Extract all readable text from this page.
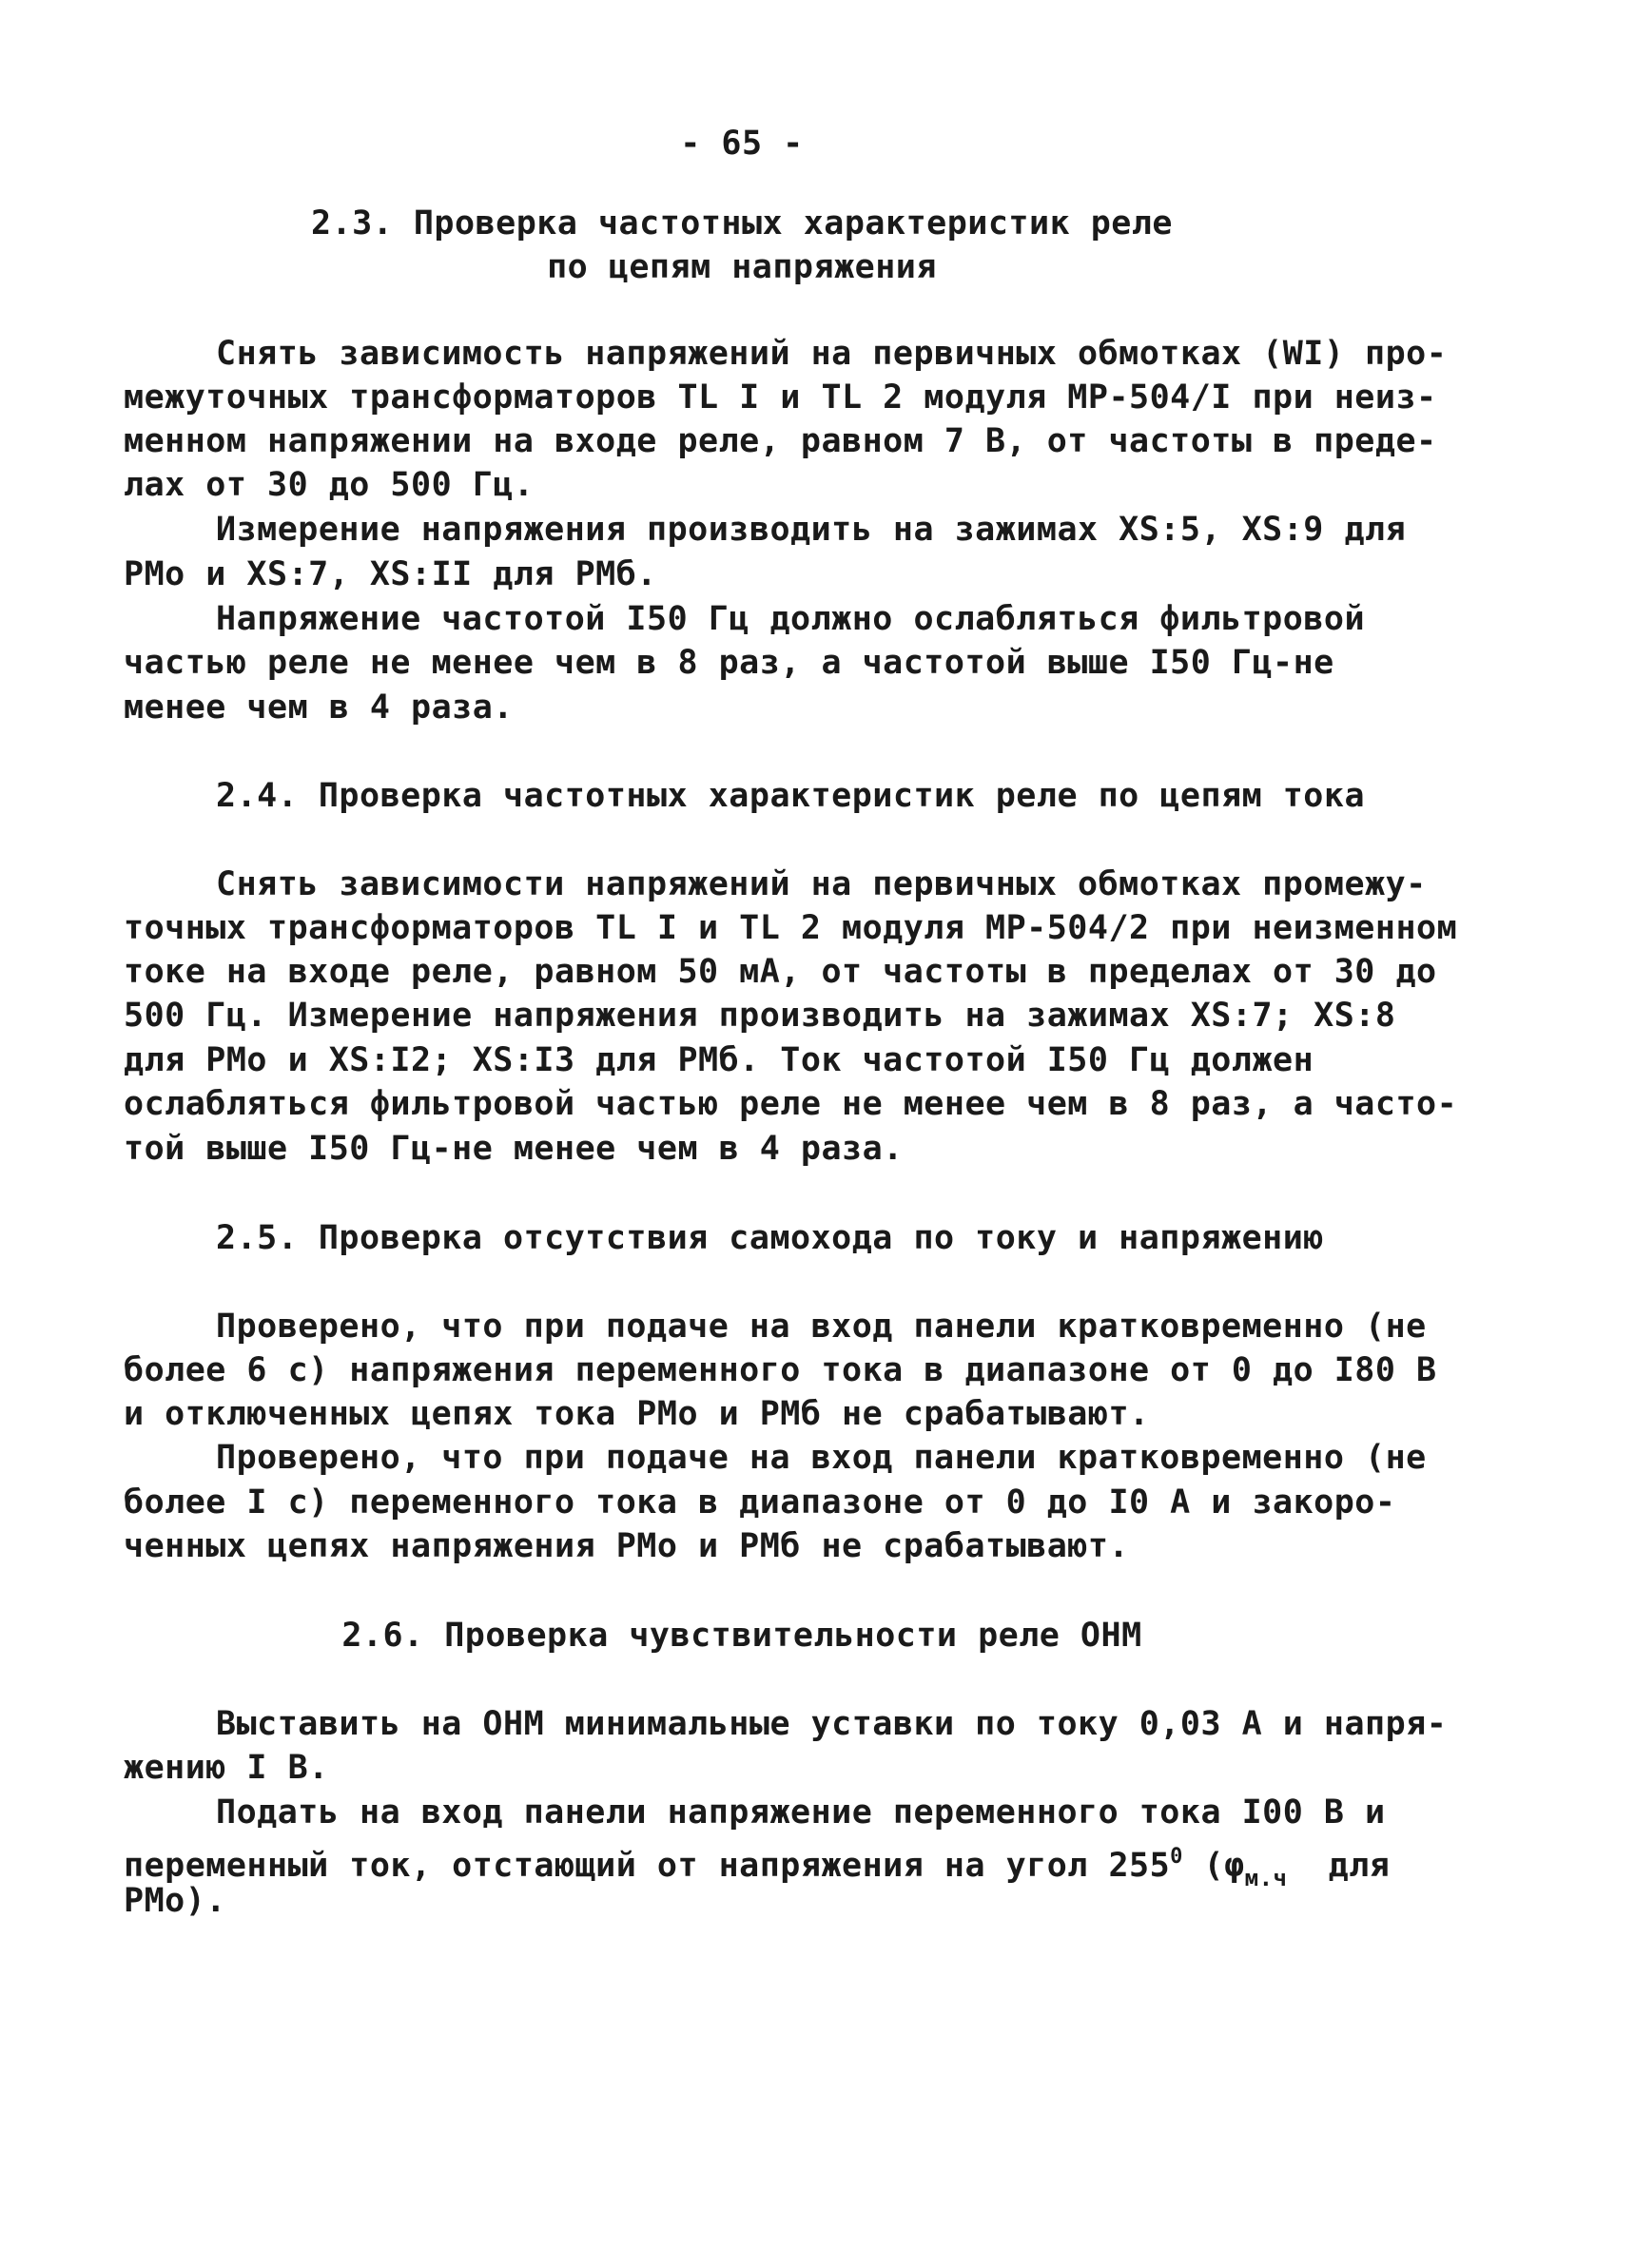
- 65 -
2.3. Проверка частотных характеристик реле
по цепям напряжения
Снять зависимость напряжений на первичных обмотках (WI) про-
межуточных трансформаторов TL I и TL 2 модуля МР-504/I при неиз-
менном напряжении на входе реле, равном 7 В, от частоты в преде-
лах от 30 до 500 Гц.
Измерение напряжения производить на зажимах XS:5, XS:9 для
РМо и XS:7, XS:II для РМб.
Напряжение частотой I50 Гц должно ослабляться фильтровой
частью реле не менее чем в 8 раз, а частотой выше I50 Гц-не
менее чем в 4 раза.
2.4. Проверка частотных характеристик реле по цепям тока
Снять зависимости напряжений на первичных обмотках промежу-
точных трансформаторов TL I и TL 2 модуля МР-504/2 при неизменном
токе на входе реле, равном 50 мА, от частоты в пределах от 30 до
500 Гц. Измерение напряжения производить на зажимах XS:7; XS:8
для РМо и XS:I2; XS:I3 для РМб. Ток частотой I50 Гц должен
ослабляться фильтровой частью реле не менее чем в 8 раз, а часто-
той выше I50 Гц-не менее чем в 4 раза.
2.5. Проверка отсутствия самохода по току и напряжению
Проверено, что при подаче на вход панели кратковременно (не
более 6 с) напряжения переменного тока в диапазоне от 0 до I80 В
и отключенных цепях тока РМо и РМб не срабатывают.
Проверено, что при подаче на вход панели кратковременно (не
более I с) переменного тока в диапазоне от 0 до I0 А и закоро-
ченных цепях напряжения РМо и РМб не срабатывают.
2.6. Проверка чувствительности реле ОНМ
Выставить на ОНМ минимальные уставки по току 0,03 А и напря-
жению I В.
Подать на вход панели напряжение переменного тока I00 В и
переменный ток, отстающий от напряжения на угол $255^0$ ($\varphi_{м.ч}$  для
РМо).
